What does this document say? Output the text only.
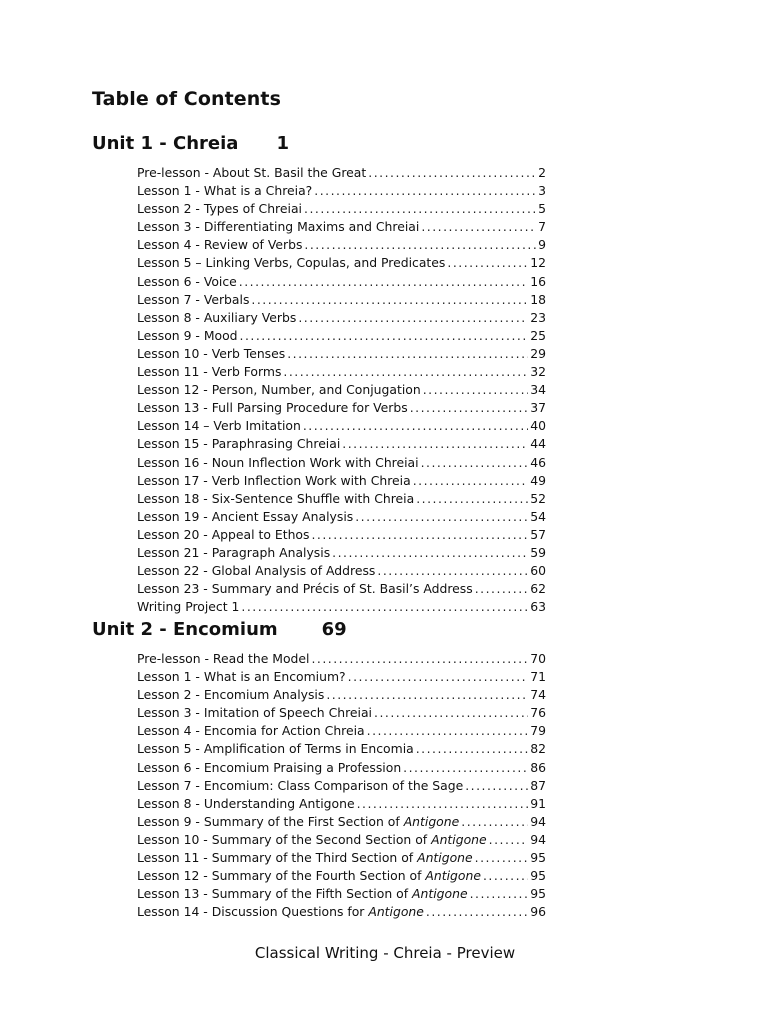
Table of Contents
Unit 1 - Chreia 1
Pre-lesson - About St. Basil the Great .....	2
Lesson 1 - What is a Chreia? .....	3
Lesson 2 - Types of Chreiai .....	5
Lesson 3 - Differentiating Maxims and Chreiai .....	7
Lesson 4 - Review of Verbs .....	9
Lesson 5 – Linking Verbs, Copulas, and Predicates .....	12
Lesson 6 - Voice .....	16
Lesson 7 - Verbals .....	18
Lesson 8 - Auxiliary Verbs .....	23
Lesson 9 - Mood .....	25
Lesson 10 - Verb Tenses .....	29
Lesson 11 - Verb Forms .....	32
Lesson 12 - Person, Number, and Conjugation .....	34
Lesson 13 - Full Parsing Procedure for Verbs .....	37
Lesson 14 – Verb Imitation .....	40
Lesson 15 - Paraphrasing Chreiai .....	44
Lesson 16 - Noun Inflection Work with Chreiai .....	46
Lesson 17 - Verb Inflection Work with Chreia .....	49
Lesson 18 - Six-Sentence Shuffle with Chreia .....	52
Lesson 19 - Ancient Essay Analysis .....	54
Lesson 20 - Appeal to Ethos .....	57
Lesson 21 - Paragraph Analysis .....	59
Lesson 22 - Global Analysis of Address .....	60
Lesson 23 - Summary and Précis of St. Basil’s Address .....	62
Writing Project 1 .....	63
Unit 2 - Encomium 69
Pre-lesson - Read the Model .....	70
Lesson 1 - What is an Encomium? .....	71
Lesson 2 - Encomium Analysis .....	74
Lesson 3 - Imitation of Speech Chreiai .....	76
Lesson 4 - Encomia for Action Chreia .....	79
Lesson 5 - Amplification of Terms in Encomia .....	82
Lesson 6 - Encomium Praising a Profession .....	86
Lesson 7 - Encomium: Class Comparison of the Sage .....	87
Lesson 8 - Understanding Antigone .....	91
Lesson 9 - Summary of the First Section of Antigone .....	94
Lesson 10 - Summary of the Second Section of Antigone .....	94
Lesson 11 - Summary of the Third Section of Antigone .....	95
Lesson 12 - Summary of the Fourth Section of Antigone .....	95
Lesson 13 - Summary of the Fifth Section of Antigone .....	95
Lesson 14 - Discussion Questions for Antigone .....	96
Classical Writing - Chreia - Preview
